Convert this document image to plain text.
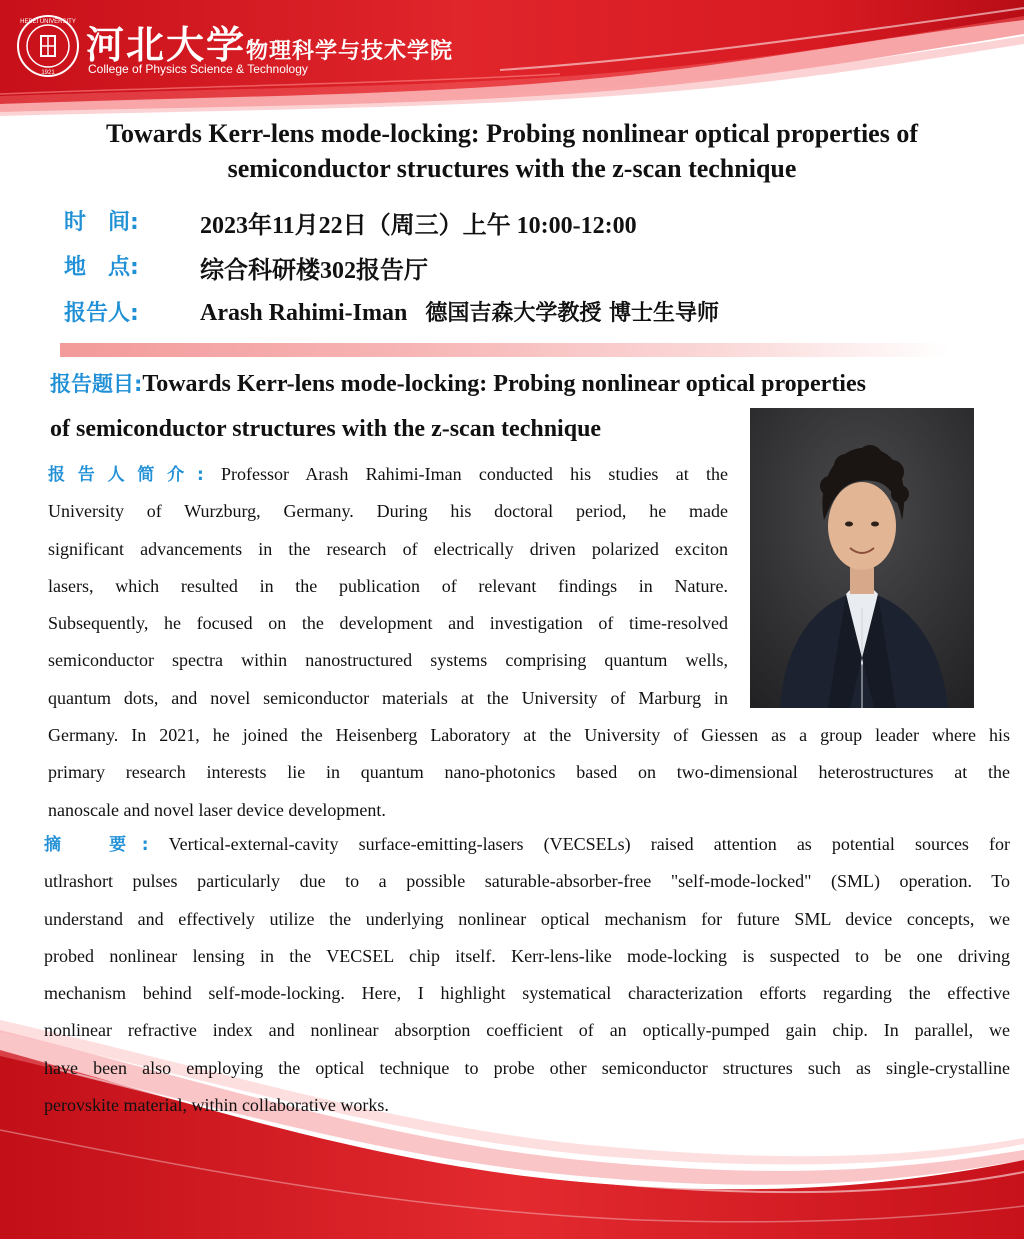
HEBEI UNIVERSITY
1921
河北大学物理科学与技术学院
College of Physics Science & Technology
Towards Kerr-lens mode-locking: Probing nonlinear optical properties of
semiconductor structures with the z-scan technique
时　间:	2023年11月22日（周三）上午 10:00-12:00
地　点:	综合科研楼302报告厅
报告人:	Arash Rahimi-Iman 德国吉森大学教授 博士生导师
报告题目:Towards Kerr-lens mode-locking: Probing nonlinear optical properties
of semiconductor structures with the z-scan technique
报告人简介: Professor Arash Rahimi-Iman conducted his studies at the
University of Wurzburg, Germany. During his doctoral period, he made
significant advancements in the research of electrically driven polarized exciton
lasers, which resulted in the publication of relevant findings in Nature.
Subsequently, he focused on the development and investigation of time-resolved
semiconductor spectra within nanostructured systems comprising quantum wells,
quantum dots, and novel semiconductor materials at the University of Marburg in
Germany. In 2021, he joined the Heisenberg Laboratory at the University of Giessen as a group leader where his
primary research interests lie in quantum nano-photonics based on two-dimensional heterostructures at the
nanoscale and novel laser device development.
摘　要: Vertical-external-cavity surface-emitting-lasers (VECSELs) raised attention as potential sources for
utlrashort pulses particularly due to a possible saturable-absorber-free "self-mode-locked" (SML) operation. To
understand and effectively utilize the underlying nonlinear optical mechanism for future SML device concepts, we
probed nonlinear lensing in the VECSEL chip itself. Kerr-lens-like mode-locking is suspected to be one driving
mechanism behind self-mode-locking. Here, I highlight systematical characterization efforts regarding the effective
nonlinear refractive index and nonlinear absorption coefficient of an optically-pumped gain chip. In parallel, we
have been also employing the optical technique to probe other semiconductor structures such as single-crystalline
perovskite material, within collaborative works.
